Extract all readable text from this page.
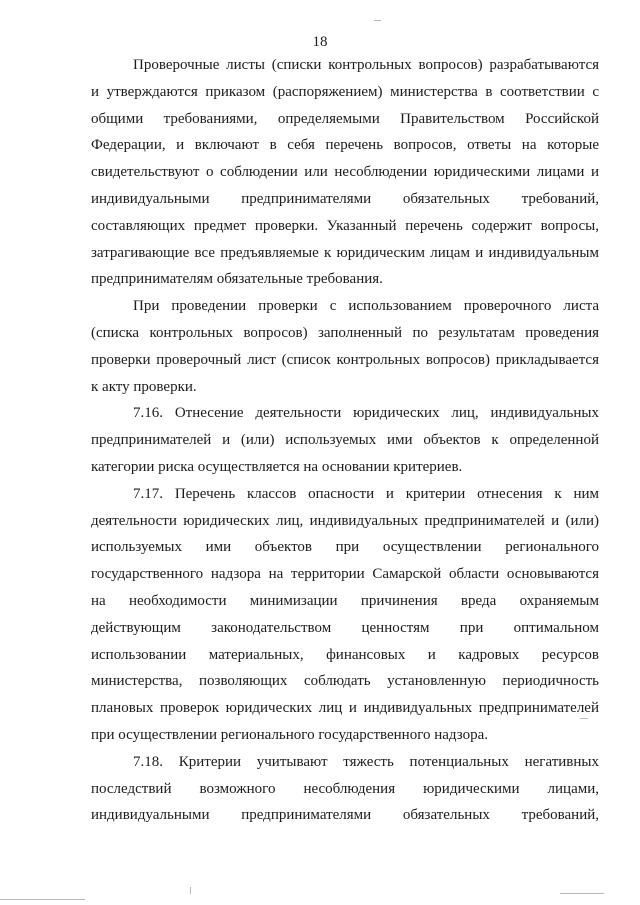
18
Проверочные листы (списки контрольных вопросов) разрабатываются
и утверждаются приказом (распоряжением) министерства в соответствии с
общими требованиями, определяемыми Правительством Российской
Федерации, и включают в себя перечень вопросов, ответы на которые
свидетельствуют о соблюдении или несоблюдении юридическими лицами и
индивидуальными предпринимателями обязательных требований,
составляющих предмет проверки. Указанный перечень содержит вопросы,
затрагивающие все предъявляемые к юридическим лицам и индивидуальным
предпринимателям обязательные требования.
При проведении проверки с использованием проверочного листа
(списка контрольных вопросов) заполненный по результатам проведения
проверки проверочный лист (список контрольных вопросов) прикладывается
к акту проверки.
7.16. Отнесение деятельности юридических лиц, индивидуальных
предпринимателей и (или) используемых ими объектов к определенной
категории риска осуществляется на основании критериев.
7.17. Перечень классов опасности и критерии отнесения к ним
деятельности юридических лиц, индивидуальных предпринимателей и (или)
используемых ими объектов при осуществлении регионального
государственного надзора на территории Самарской области основываются
на необходимости минимизации причинения вреда охраняемым
действующим законодательством ценностям при оптимальном
использовании материальных, финансовых и кадровых ресурсов
министерства, позволяющих соблюдать установленную периодичность
плановых проверок юридических лиц и индивидуальных предпринимателей
при осуществлении регионального государственного надзора.
7.18. Критерии учитывают тяжесть потенциальных негативных
последствий возможного несоблюдения юридическими лицами,
индивидуальными предпринимателями обязательных требований,
